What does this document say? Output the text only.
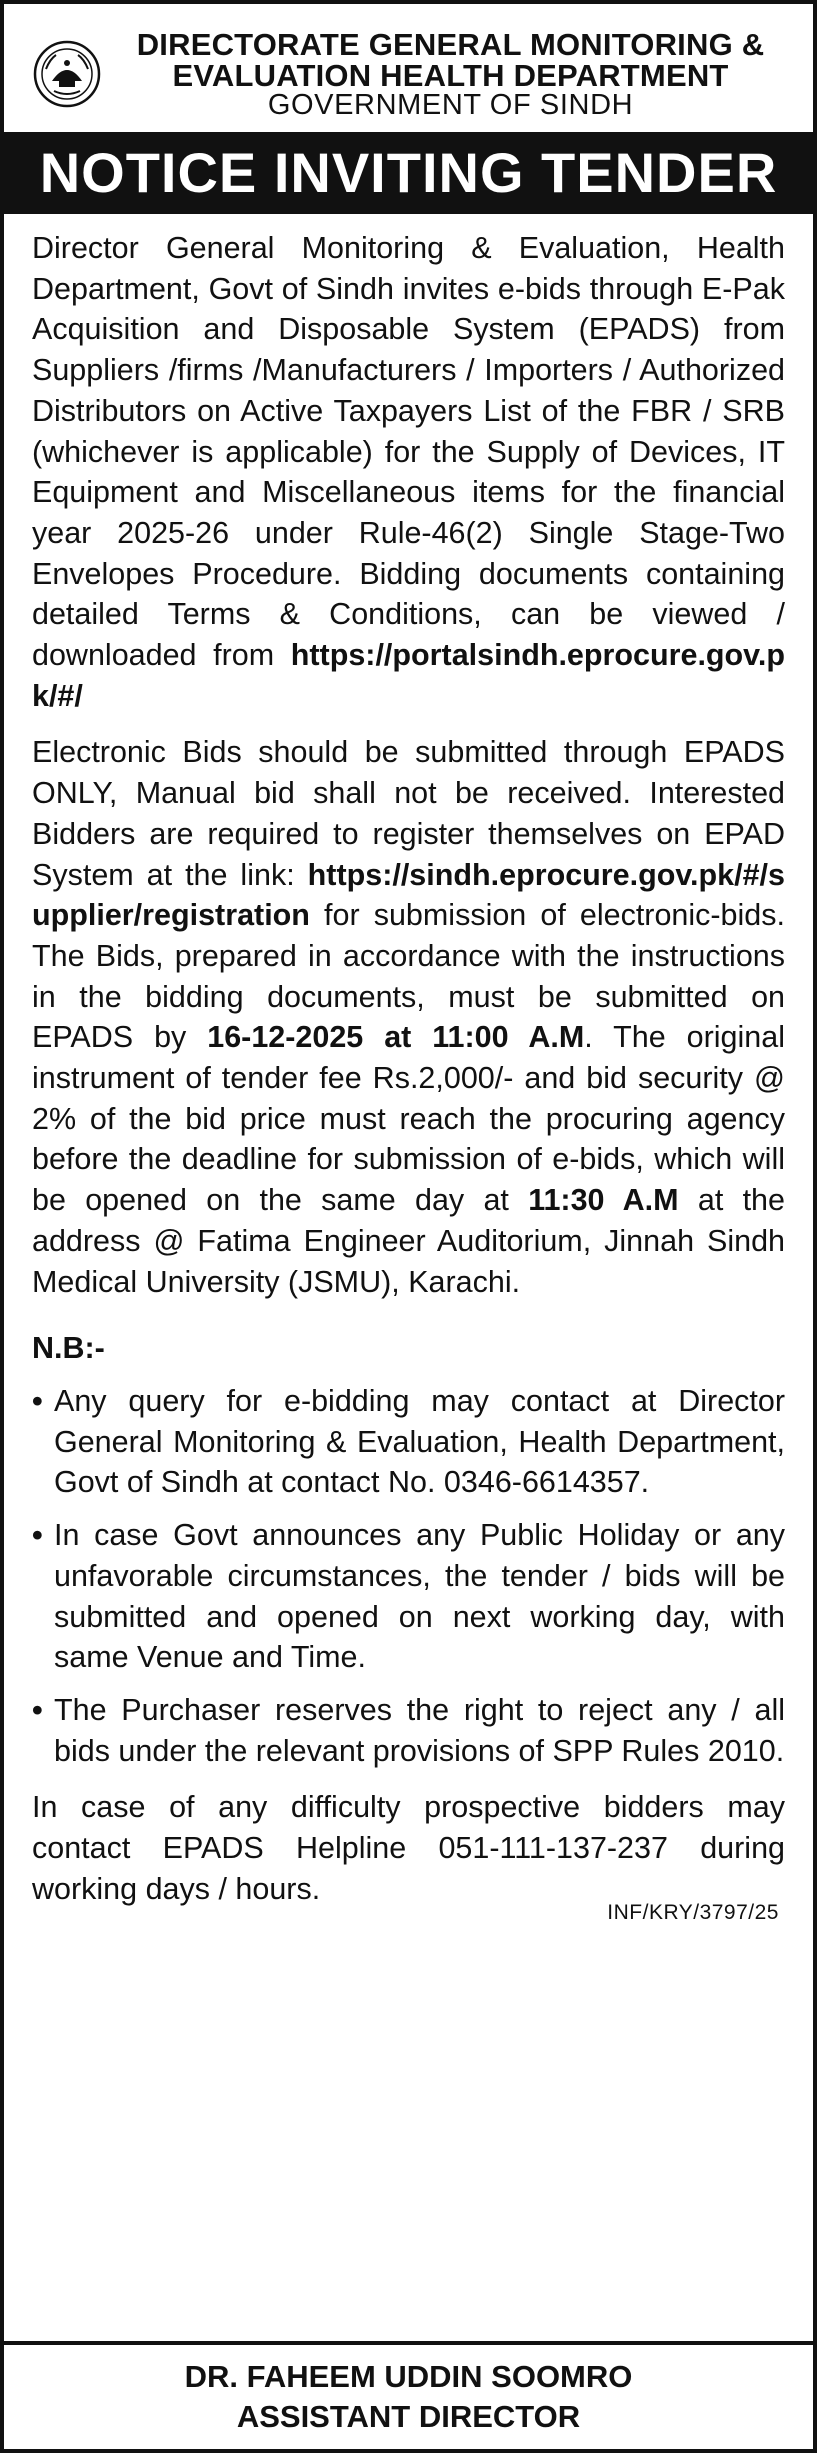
DIRECTORATE GENERAL MONITORING &
EVALUATION HEALTH DEPARTMENT
GOVERNMENT OF SINDH
NOTICE INVITING TENDER

Director General Monitoring & Evaluation, Health Department, Govt of Sindh invites e-bids through E-Pak Acquisition and Disposable System (EPADS) from Suppliers /firms /Manufacturers / Importers / Authorized Distributors on Active Taxpayers List of the FBR / SRB (whichever is applicable) for the Supply of Devices, IT Equipment and Miscellaneous items for the financial year 2025-26 under Rule-46(2) Single Stage-Two Envelopes Procedure. Bidding documents containing detailed Terms & Conditions, can be viewed / downloaded from https://portalsindh.eprocure.gov.pk/#/

Electronic Bids should be submitted through EPADS ONLY, Manual bid shall not be received. Interested Bidders are required to register themselves on EPAD System at the link: https://sindh.eprocure.gov.pk/#/supplier/registration for submission of electronic-bids. The Bids, prepared in accordance with the instructions in the bidding documents, must be submitted on EPADS by 16-12-2025 at 11:00 A.M. The original instrument of tender fee Rs.2,000/- and bid security @ 2% of the bid price must reach the procuring agency before the deadline for submission of e-bids, which will be opened on the same day at 11:30 A.M at the address @ Fatima Engineer Auditorium, Jinnah Sindh Medical University (JSMU), Karachi.

N.B:-

• Any query for e-bidding may contact at Director General Monitoring & Evaluation, Health Department, Govt of Sindh at contact No. 0346-6614357.
• In case Govt announces any Public Holiday or any unfavorable circumstances, the tender / bids will be submitted and opened on next working day, with same Venue and Time.
• The Purchaser reserves the right to reject any / all bids under the relevant provisions of SPP Rules 2010.

In case of any difficulty prospective bidders may contact EPADS Helpline 051-111-137-237 during working days / hours.

INF/KRY/3797/25
DR. FAHEEM UDDIN SOOMRO
ASSISTANT DIRECTOR
